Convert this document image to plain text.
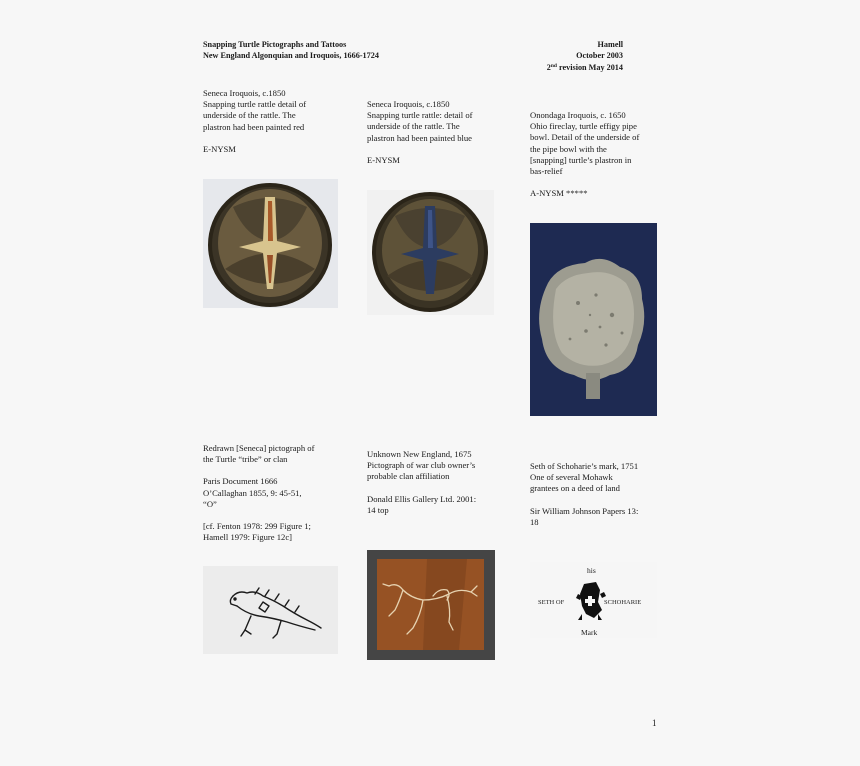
Snapping Turtle Pictographs and Tattoos
New England Algonquian and Iroquois, 1666-1724
Hamell
October 2003
2nd revision May 2014

Seneca Iroquois, c.1850

Snapping turtle rattle detail of

underside of the rattle. The

plastron had been painted red

E-NYSM

Seneca Iroquois, c.1850

Snapping turtle rattle: detail of

underside of the rattle. The

plastron had been painted blue

E-NYSM

Onondaga Iroquois, c. 1650

Ohio fireclay, turtle effigy pipe

bowl. Detail of the underside of

the pipe bowl with the

[snapping] turtle’s plastron in

bas-relief

A-NYSM *****

Redrawn [Seneca] pictograph of

the Turtle “tribe” or clan

Paris Document 1666

O’Callaghan 1855, 9: 45-51,

“O”

[cf. Fenton 1978: 299 Figure 1;

Hamell 1979: Figure 12c]

Unknown New England, 1675

Pictograph of war club owner’s

probable clan affiliation

Donald Ellis Gallery Ltd. 2001:

14 top

Seth of Schoharie’s mark, 1751

One of several Mohawk

grantees on a deed of land

Sir William Johnson Papers 13:

18

his
SETH OF	SCHOHARIE
Mark
1
